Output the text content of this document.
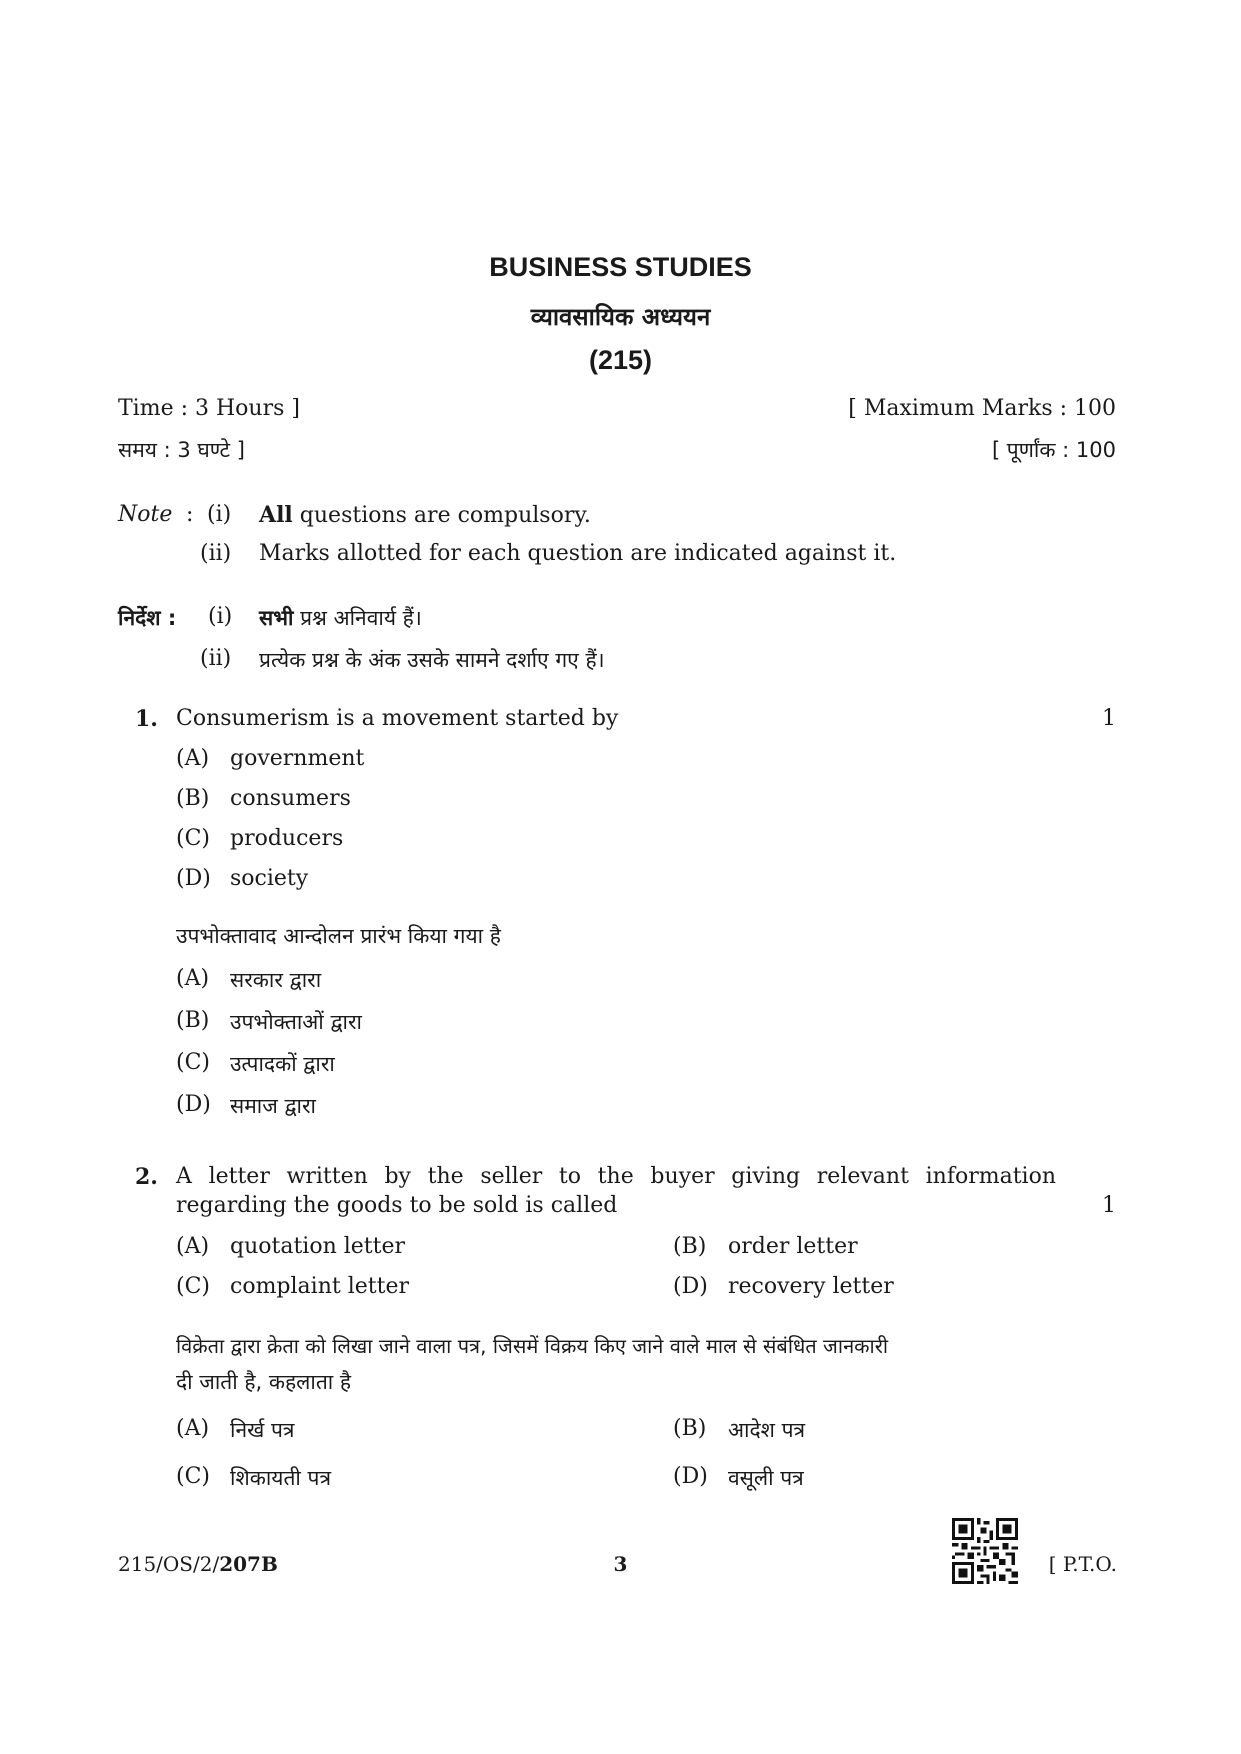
BUSINESS STUDIES
व्यावसायिक अध्ययन
(215)
Time : 3 Hours ]	[ Maximum Marks : 100
समय : 3 घण्टे ]	[ पूर्णांक : 100
Note : (i) All questions are compulsory.
(ii) Marks allotted for each question are indicated against it.
निर्देश : (i) सभी प्रश्न अनिवार्य हैं।
(ii) प्रत्येक प्रश्न के अंक उसके सामने दर्शाए गए हैं।
1. Consumerism is a movement started by	1
(A) government
(B) consumers
(C) producers
(D) society
उपभोक्तावाद आन्दोलन प्रारंभ किया गया है
(A) सरकार द्वारा
(B) उपभोक्ताओं द्वारा
(C) उत्पादकों द्वारा
(D) समाज द्वारा
2. A letter written by the seller to the buyer giving relevant information
regarding the goods to be sold is called	1
(A) quotation letter	(B) order letter
(C) complaint letter	(D) recovery letter
विक्रेता द्वारा क्रेता को लिखा जाने वाला पत्र, जिसमें विक्रय किए जाने वाले माल से संबंधित जानकारी
दी जाती है, कहलाता है
(A) निर्ख पत्र	(B) आदेश पत्र
(C) शिकायती पत्र	(D) वसूली पत्र
215/OS/2/207B	3	[ P.T.O.
